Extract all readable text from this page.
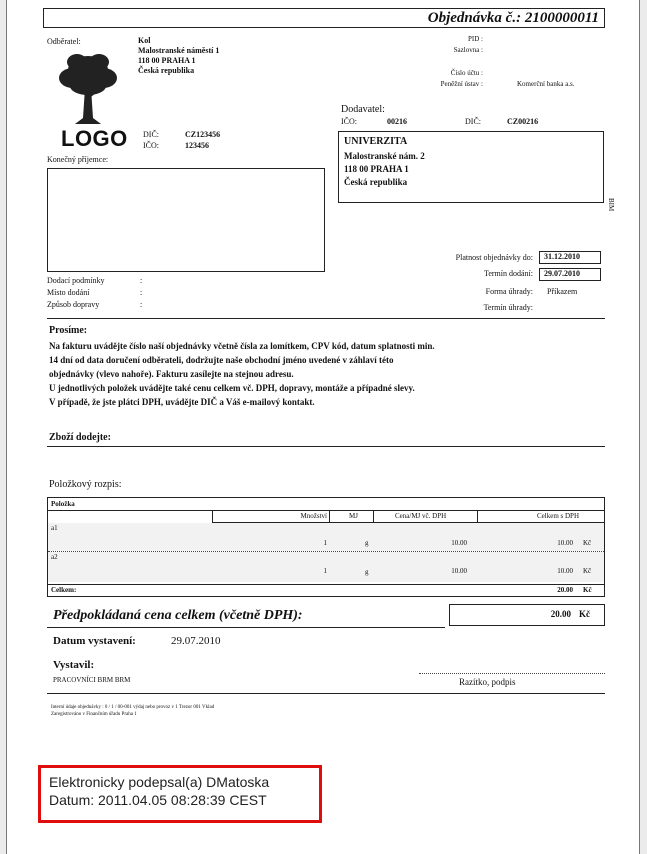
Objednávka č.: 2100000011
Odběratel:	Kol
Malostranské náměstí 1
118 00 PRAHA 1
Česká republika
LOGO DIČ:	CZ123456
IČO:	123456
Konečný příjemce:
PID :
Sazlovna :
Číslo účtu :
Peněžní ústav :	Komerční banka a.s.
Dodavatel:
IČO:	00216	DIČ:	CZ00216
UNIVERZITA
Malostranské nám. 2
118 00 PRAHA 1
Česká republika
BIM
Platnost objednávky do:	31.12.2010
Termín dodání:	29.07.2010
Forma úhrady: Příkazem
Termín úhrady:
Dodací podmínky	:
Místo dodání	:
Způsob dopravy	:
Prosíme:
Na fakturu uvádějte číslo naší objednávky včetně čísla za lomítkem, CPV kód, datum splatnosti min.
14 dní od data doručení odběrateli, dodržujte naše obchodní jméno uvedené v záhlaví této
objednávky (vlevo nahoře). Fakturu zasílejte na stejnou adresu.
U jednotlivých položek uvádějte také cenu celkem vč. DPH, dopravy, montáže a případné slevy.
V případě, že jste plátci DPH, uvádějte DIČ a Váš e-mailový kontakt.
Zboží dodejte:
Položkový rozpis:
Položka
Množství	MJ	Cena/MJ vč. DPH	Celkem s DPH
a1
1	g	10.00	10.00 Kč
a2
1	g	10.00	10.00 Kč
Celkem:	20.00 Kč
Předpokládaná cena celkem (včetně DPH):	20.00 Kč
Datum vystavení:	29.07.2010
Vystavil:
PRACOVNÍCI BRM BRM	Razítko, podpis
Interní údaje objednávky : 0 / 1 / 00-001 výdaj nebo provoz v 1 Trezor 001 Vklad
Zaregistrováno v Finančním úřadu Praha 1
Elektronicky podepsal(a) DMatoska
Datum: 2011.04.05 08:28:39 CEST
